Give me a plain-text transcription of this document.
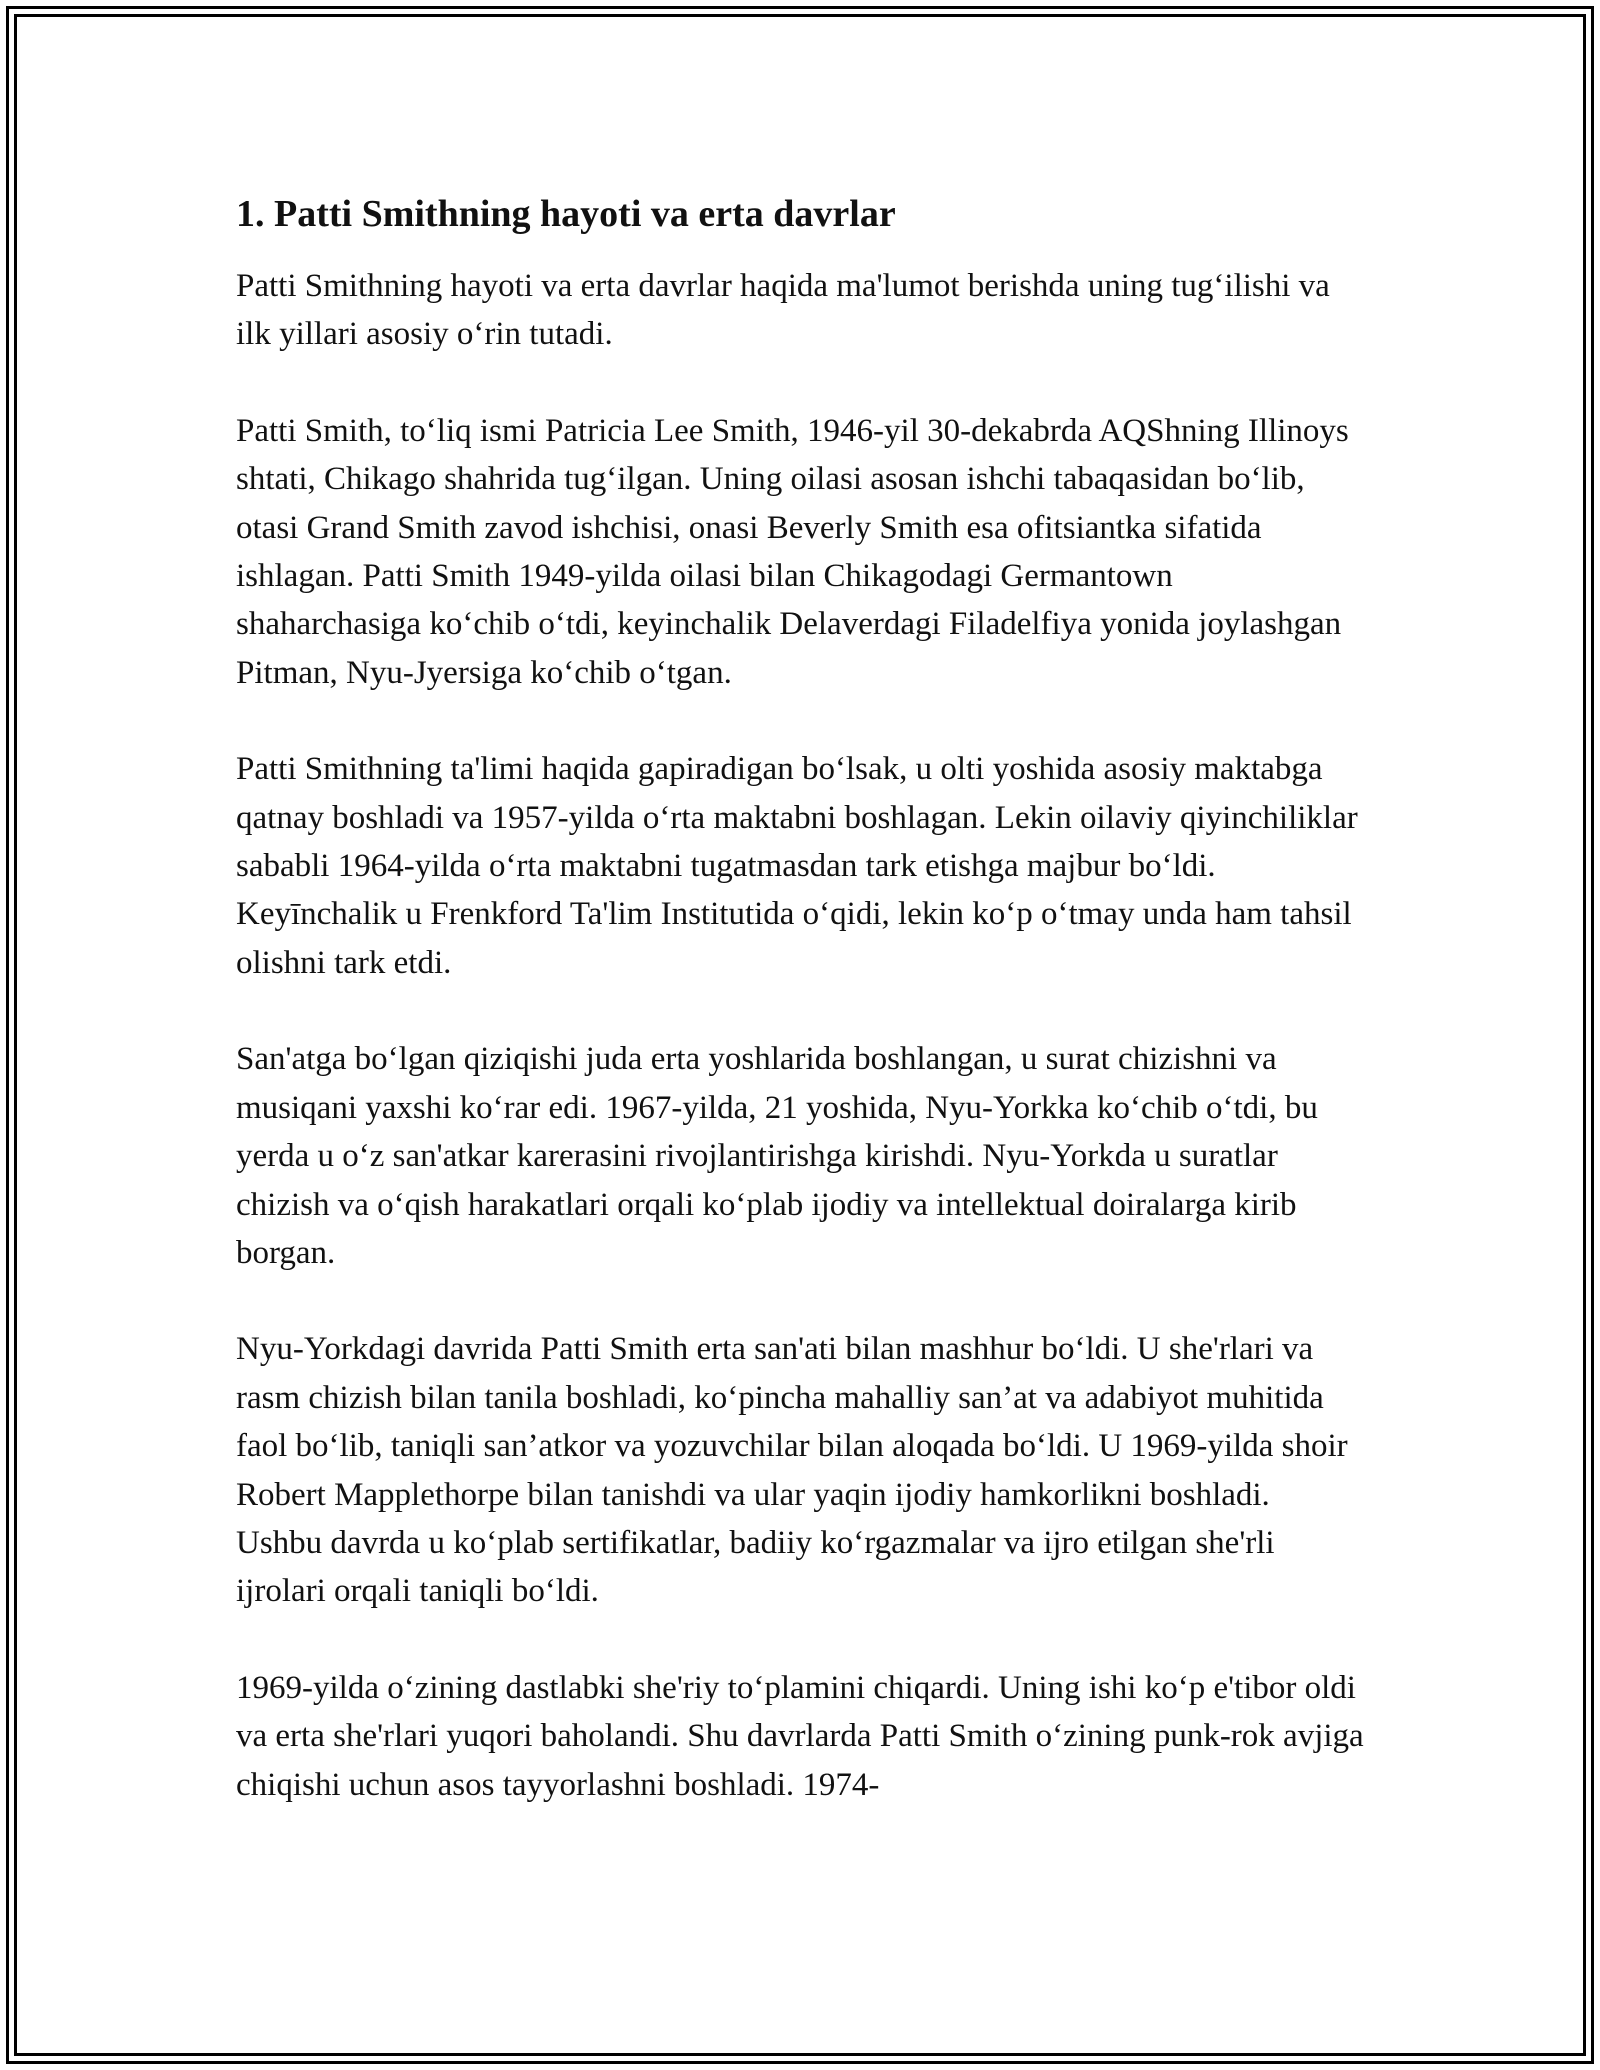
1. Patti Smithning hayoti va erta davrlar

Patti Smithning hayoti va erta davrlar haqida ma'lumot berishda uning tug‘ilishi va ilk yillari asosiy o‘rin tutadi.

Patti Smith, to‘liq ismi Patricia Lee Smith, 1946-yil 30-dekabrda AQShning Illinoys shtati, Chikago shahrida tug‘ilgan. Uning oilasi asosan ishchi tabaqasidan bo‘lib, otasi Grand Smith zavod ishchisi, onasi Beverly Smith esa ofitsiantka sifatida ishlagan. Patti Smith 1949-yilda oilasi bilan Chikagodagi Germantown shaharchasiga ko‘chib o‘tdi, keyinchalik Delaverdagi Filadelfiya yonida joylashgan Pitman, Nyu-Jyersiga ko‘chib o‘tgan.

Patti Smithning ta'limi haqida gapiradigan bo‘lsak, u olti yoshida asosiy maktabga qatnay boshladi va 1957-yilda o‘rta maktabni boshlagan. Lekin oilaviy qiyinchiliklar sababli 1964-yilda o‘rta maktabni tugatmasdan tark etishga majbur bo‘ldi. Keyīnchalik u Frenkford Ta'lim Institutida o‘qidi, lekin ko‘p o‘tmay unda ham tahsil olishni tark etdi.

San'atga bo‘lgan qiziqishi juda erta yoshlarida boshlangan, u surat chizishni va musiqani yaxshi ko‘rar edi. 1967-yilda, 21 yoshida, Nyu-Yorkka ko‘chib o‘tdi, bu yerda u o‘z san'atkar karerasini rivojlantirishga kirishdi. Nyu-Yorkda u suratlar chizish va o‘qish harakatlari orqali ko‘plab ijodiy va intellektual doiralarga kirib borgan.

Nyu-Yorkdagi davrida Patti Smith erta san'ati bilan mashhur bo‘ldi. U she'rlari va rasm chizish bilan tanila boshladi, ko‘pincha mahalliy san’at va adabiyot muhitida faol bo‘lib, taniqli san’atkor va yozuvchilar bilan aloqada bo‘ldi. U 1969-yilda shoir Robert Mapplethorpe bilan tanishdi va ular yaqin ijodiy hamkorlikni boshladi. Ushbu davrda u ko‘plab sertifikatlar, badiiy ko‘rgazmalar va ijro etilgan she'rli ijrolari orqali taniqli bo‘ldi.

1969-yilda o‘zining dastlabki she'riy to‘plamini chiqardi. Uning ishi ko‘p e'tibor oldi va erta she'rlari yuqori baholandi. Shu davrlarda Patti Smith o‘zining punk-rok avjiga chiqishi uchun asos tayyorlashni boshladi. 1974-
